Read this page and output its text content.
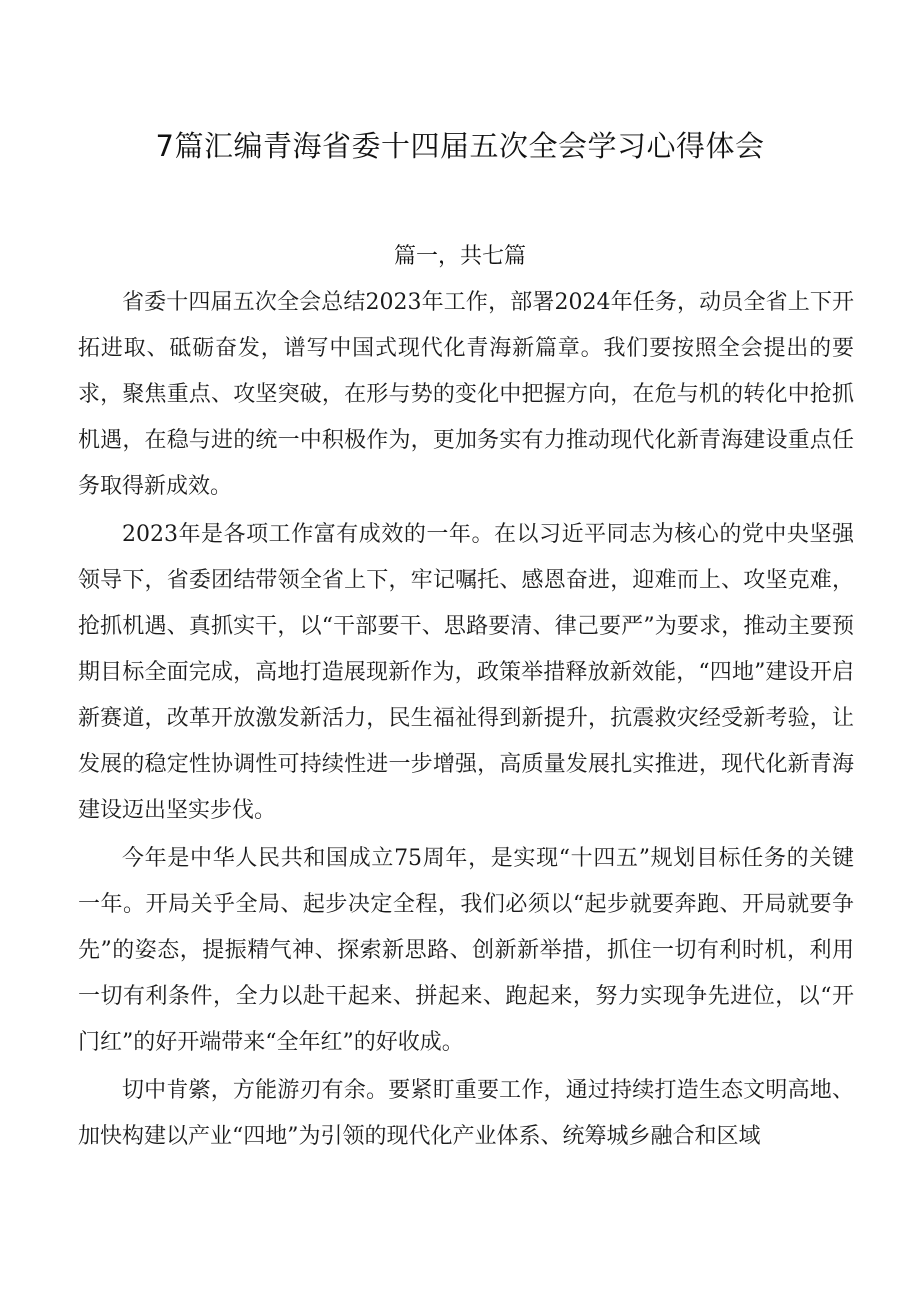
7篇汇编青海省委十四届五次全会学习心得体会
篇一，共七篇

省委十四届五次全会总结2023年工作，部署2024年任务，动员全省上下开拓进取、砥砺奋发，谱写中国式现代化青海新篇章。我们要按照全会提出的要求，聚焦重点、攻坚突破，在形与势的变化中把握方向，在危与机的转化中抢抓机遇，在稳与进的统一中积极作为，更加务实有力推动现代化新青海建设重点任务取得新成效。

2023年是各项工作富有成效的一年。在以习近平同志为核心的党中央坚强领导下，省委团结带领全省上下，牢记嘱托、感恩奋进，迎难而上、攻坚克难，抢抓机遇、真抓实干，以“干部要干、思路要清、律己要严”为要求，推动主要预期目标全面完成，高地打造展现新作为，政策举措释放新效能，“四地”建设开启新赛道，改革开放激发新活力，民生福祉得到新提升，抗震救灾经受新考验，让发展的稳定性协调性可持续性进一步增强，高质量发展扎实推进，现代化新青海建设迈出坚实步伐。

今年是中华人民共和国成立75周年，是实现“十四五”规划目标任务的关键一年。开局关乎全局、起步决定全程，我们必须以“起步就要奔跑、开局就要争先”的姿态，提振精气神、探索新思路、创新新举措，抓住一切有利时机，利用一切有利条件，全力以赴干起来、拼起来、跑起来，努力实现争先进位，以“开门红”的好开端带来“全年红”的好收成。

切中肯綮，方能游刃有余。要紧盯重要工作，通过持续打造生态文明高地、加快构建以产业“四地”为引领的现代化产业体系、统筹城乡融合和区域
